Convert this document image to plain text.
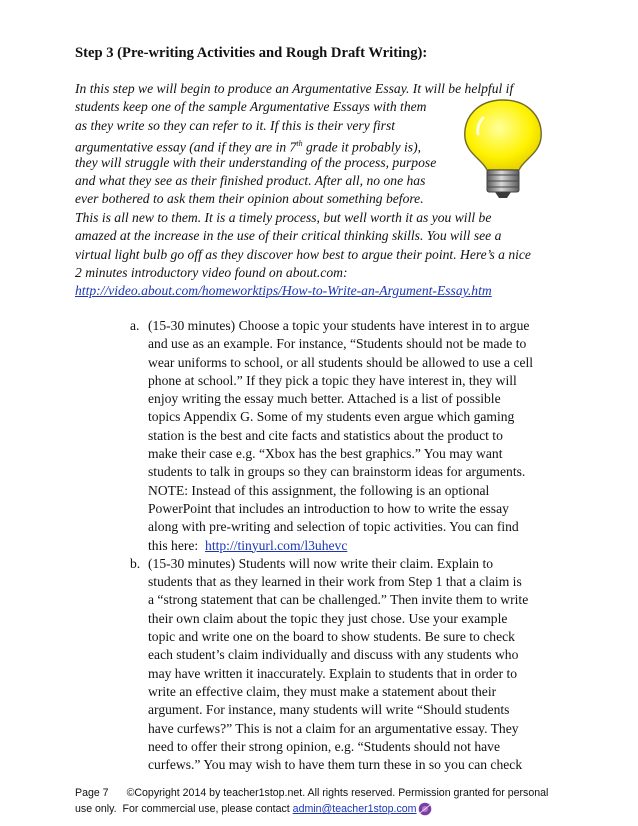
Step 3 (Pre-writing Activities and Rough Draft Writing):
In this step we will begin to produce an Argumentative Essay. It will be helpful if
students keep one of the sample Argumentative Essays with them
as they write so they can refer to it. If this is their very first
argumentative essay (and if they are in 7th grade it probably is),
they will struggle with their understanding of the process, purpose
and what they see as their finished product. After all, no one has
ever bothered to ask them their opinion about something before.
This is all new to them. It is a timely process, but well worth it as you will be
amazed at the increase in the use of their critical thinking skills. You will see a
virtual light bulb go off as they discover how best to argue their point. Here’s a nice
2 minutes introductory video found on about.com:
http://video.about.com/homeworktips/How-to-Write-an-Argument-Essay.htm
a. (15-30 minutes) Choose a topic your students have interest in to argue
and use as an example. For instance, “Students should not be made to
wear uniforms to school, or all students should be allowed to use a cell
phone at school.” If they pick a topic they have interest in, they will
enjoy writing the essay much better. Attached is a list of possible
topics Appendix G. Some of my students even argue which gaming
station is the best and cite facts and statistics about the product to
make their case e.g. “Xbox has the best graphics.” You may want
students to talk in groups so they can brainstorm ideas for arguments.
NOTE: Instead of this assignment, the following is an optional
PowerPoint that includes an introduction to how to write the essay
along with pre-writing and selection of topic activities. You can find
this here:  http://tinyurl.com/l3uhevc
b. (15-30 minutes) Students will now write their claim. Explain to
students that as they learned in their work from Step 1 that a claim is
a “strong statement that can be challenged.” Then invite them to write
their own claim about the topic they just chose. Use your example
topic and write one on the board to show students. Be sure to check
each student’s claim individually and discuss with any students who
may have written it inaccurately. Explain to students that in order to
write an effective claim, they must make a statement about their
argument. For instance, many students will write “Should students
have curfews?” This is not a claim for an argumentative essay. They
need to offer their strong opinion, e.g. “Students should not have
curfews.” You may wish to have them turn these in so you can check
Page 7 ©Copyright 2014 by teacher1stop.net. All rights reserved. Permission granted for personal
use only.  For commercial use, please contact admin@teacher1stop.com
